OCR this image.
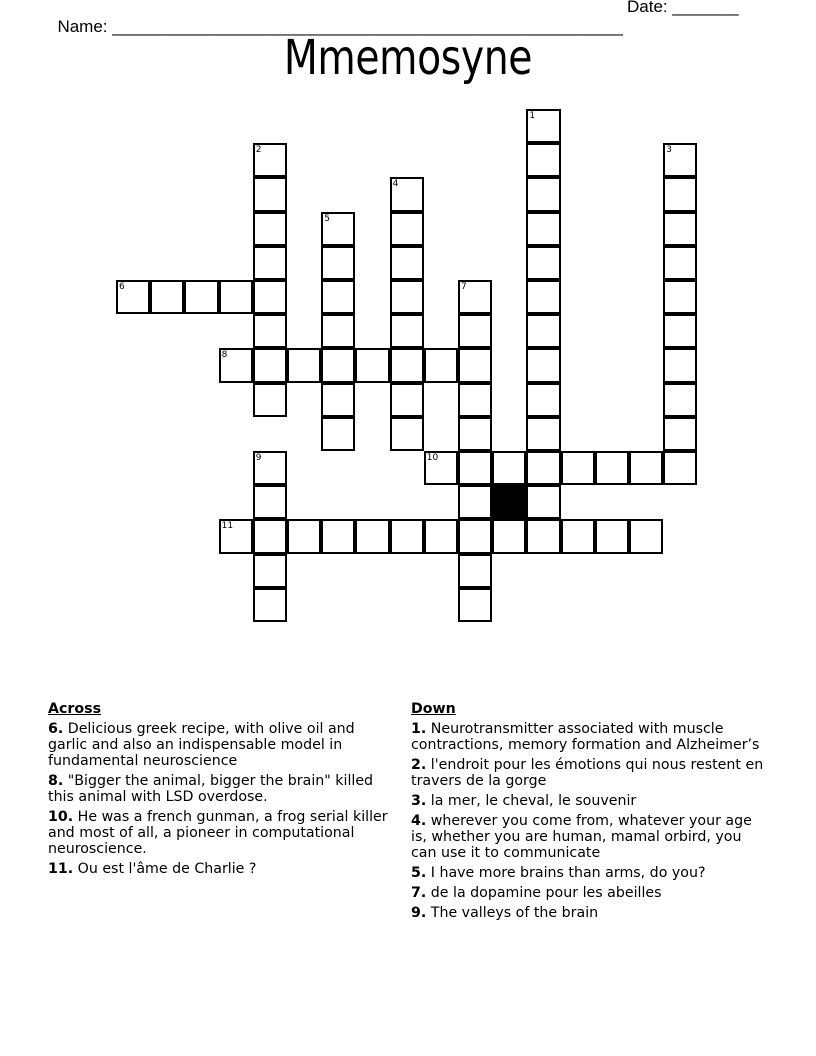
Name: ______________________________________________________

Date: _______

Mmemosyne
1
2	3
4
5
6	7
8
9	10
11
Across
6. Delicious greek recipe, with olive oil and garlic and also an indispensable model in fundamental neuroscience
8. "Bigger the animal, bigger the brain" killed this animal with LSD overdose.
10. He was a french gunman, a frog serial killer and most of all, a pioneer in computational neuroscience.
11. Ou est l'âme de Charlie ?
Down
1. Neurotransmitter associated with muscle contractions, memory formation and Alzheimer’s
2. l'endroit pour les émotions qui nous restent en travers de la gorge
3. la mer, le cheval, le souvenir
4. wherever you come from, whatever your age is, whether you are human, mamal orbird, you can use it to communicate
5. I have more brains than arms, do you?
7. de la dopamine pour les abeilles
9. The valleys of the brain
